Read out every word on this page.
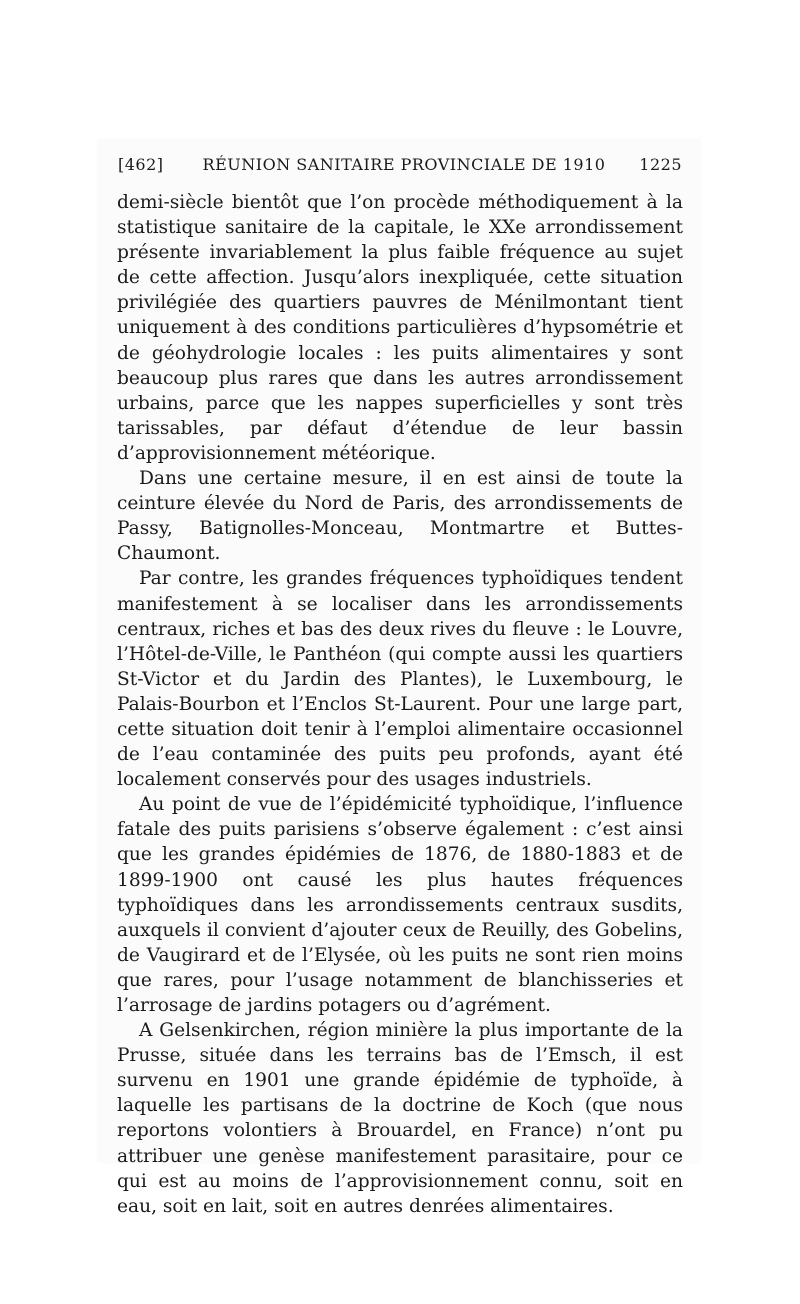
[462]	RÉUNION SANITAIRE PROVINCIALE DE 1910	1225

demi-siècle bientôt que l’on procède méthodiquement à la statistique sanitaire de la capitale, le XXe arrondissement présente invariablement la plus faible fréquence au sujet de cette affection. Jusqu’alors inexpliquée, cette situation privilégiée des quartiers pauvres de Ménilmontant tient uniquement à des conditions particulières d’hypsométrie et de géohydrologie locales : les puits alimentaires y sont beaucoup plus rares que dans les autres arrondissement urbains, parce que les nappes superficielles y sont très tarissables, par défaut d’étendue de leur bassin d’approvisionnement météorique.

Dans une certaine mesure, il en est ainsi de toute la ceinture élevée du Nord de Paris, des arrondissements de Passy, Batignolles-Monceau, Montmartre et Buttes-Chaumont.

Par contre, les grandes fréquences typhoïdiques tendent manifestement à se localiser dans les arrondissements centraux, riches et bas des deux rives du fleuve : le Louvre, l’Hôtel-de-Ville, le Panthéon (qui compte aussi les quartiers St-Victor et du Jardin des Plantes), le Luxembourg, le Palais-Bourbon et l’Enclos St-Laurent. Pour une large part, cette situation doit tenir à l’emploi alimentaire occasionnel de l’eau contaminée des puits peu profonds, ayant été localement conservés pour des usages industriels.

Au point de vue de l’épidémicité typhoïdique, l’influence fatale des puits parisiens s’observe également : c’est ainsi que les grandes épidémies de 1876, de 1880-1883 et de 1899-1900 ont causé les plus hautes fréquences typhoïdiques dans les arrondissements centraux susdits, auxquels il convient d’ajouter ceux de Reuilly, des Gobelins, de Vaugirard et de l’Elysée, où les puits ne sont rien moins que rares, pour l’usage notamment de blanchisseries et l’arrosage de jardins potagers ou d’agrément.

A Gelsenkirchen, région minière la plus importante de la Prusse, située dans les terrains bas de l’Emsch, il est survenu en 1901 une grande épidémie de typhoïde, à laquelle les partisans de la doctrine de Koch (que nous reportons volontiers à Brouardel, en France) n’ont pu attribuer une genèse manifestement parasitaire, pour ce qui est au moins de l’approvisionnement connu, soit en eau, soit en lait, soit en autres denrées alimentaires.
